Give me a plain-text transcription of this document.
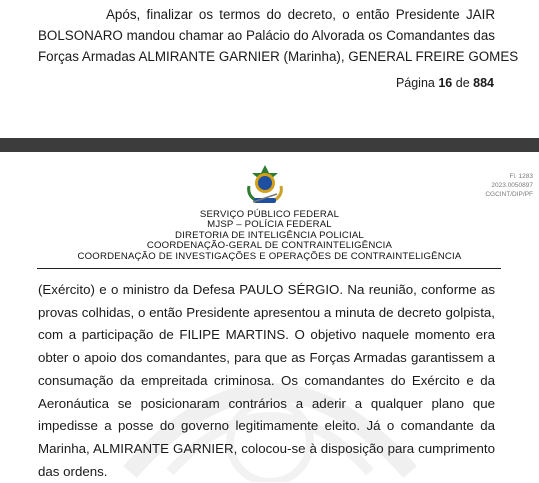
Após, finalizar os termos do decreto, o então Presidente JAIR
BOLSONARO mandou chamar ao Palácio do Alvorada os Comandantes das
Forças Armadas ALMIRANTE GARNIER (Marinha), GENERAL FREIRE GOMES
Página 16 de 884
Fl. 1283
2023.0050897
CGCINT/DIP/PF
SERVIÇO PÚBLICO FEDERAL
MJSP – POLÍCIA FEDERAL
DIRETORIA DE INTELIGÊNCIA POLICIAL
COORDENAÇÃO-GERAL DE CONTRAINTELIGÊNCIA
COORDENAÇÃO DE INVESTIGAÇÕES E OPERAÇÕES DE CONTRAINTELIGÊNCIA
(Exército) e o ministro da Defesa PAULO SÉRGIO. Na reunião, conforme as
provas colhidas, o então Presidente apresentou a minuta de decreto golpista,
com a participação de FILIPE MARTINS. O objetivo naquele momento era
obter o apoio dos comandantes, para que as Forças Armadas garantissem a
consumação da empreitada criminosa. Os comandantes do Exército e da
Aeronáutica se posicionaram contrários a aderir a qualquer plano que
impedisse a posse do governo legitimamente eleito. Já o comandante da
Marinha, ALMIRANTE GARNIER, colocou-se à disposição para cumprimento
das ordens.
